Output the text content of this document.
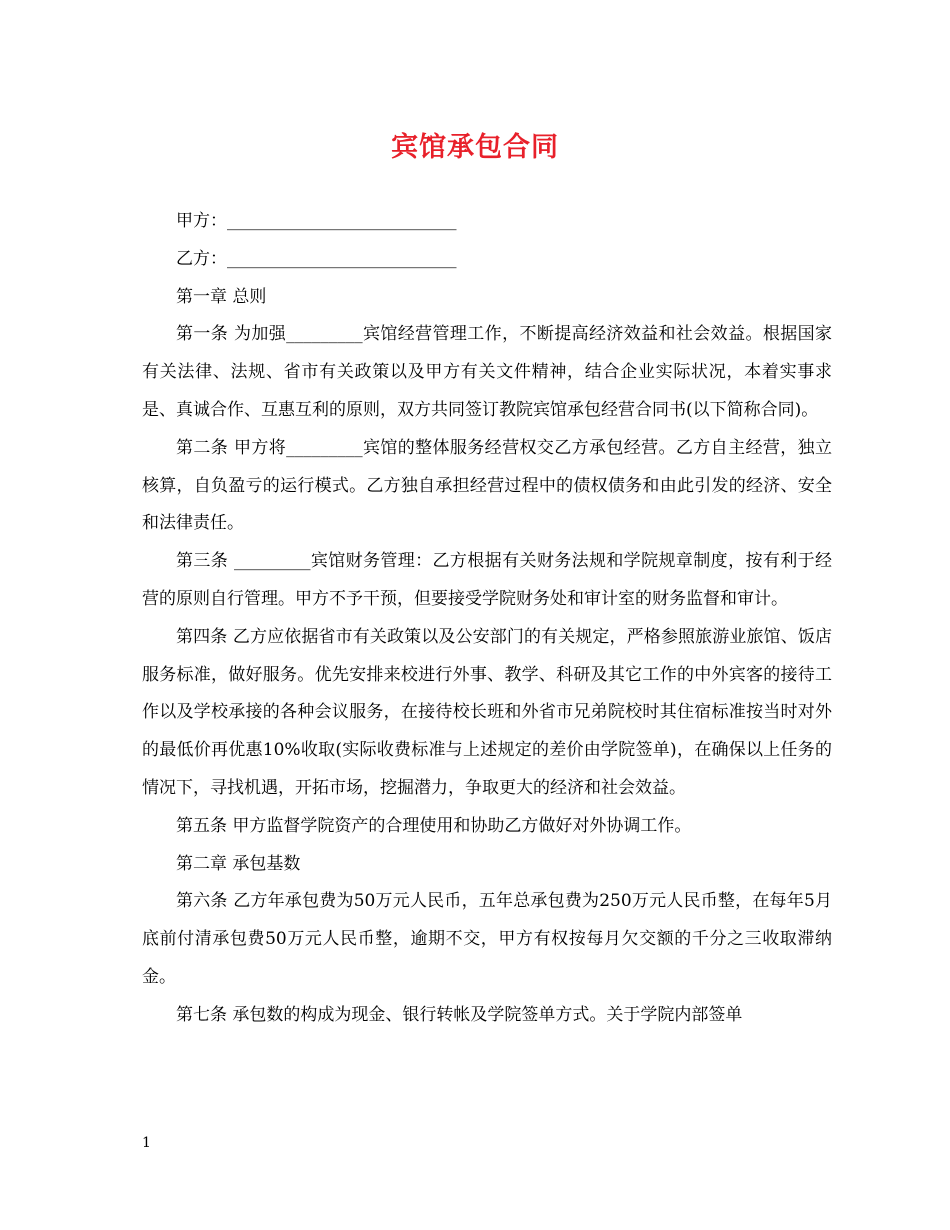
宾馆承包合同

甲方：___________________________

乙方：___________________________

第一章 总则

第一条 为加强_________宾馆经营管理工作，不断提高经济效益和社会效益。根据国家有关法律、法规、省市有关政策以及甲方有关文件精神，结合企业实际状况，本着实事求是、真诚合作、互惠互利的原则，双方共同签订教院宾馆承包经营合同书(以下简称合同)。

第二条 甲方将_________宾馆的整体服务经营权交乙方承包经营。乙方自主经营，独立核算，自负盈亏的运行模式。乙方独自承担经营过程中的债权债务和由此引发的经济、安全和法律责任。

第三条 _________宾馆财务管理：乙方根据有关财务法规和学院规章制度，按有利于经营的原则自行管理。甲方不予干预，但要接受学院财务处和审计室的财务监督和审计。

第四条 乙方应依据省市有关政策以及公安部门的有关规定，严格参照旅游业旅馆、饭店服务标准，做好服务。优先安排来校进行外事、教学、科研及其它工作的中外宾客的接待工作以及学校承接的各种会议服务，在接待校长班和外省市兄弟院校时其住宿标准按当时对外的最低价再优惠10%收取(实际收费标准与上述规定的差价由学院签单)，在确保以上任务的情况下，寻找机遇，开拓市场，挖掘潜力，争取更大的经济和社会效益。

第五条 甲方监督学院资产的合理使用和协助乙方做好对外协调工作。

第二章 承包基数

第六条 乙方年承包费为50万元人民币，五年总承包费为250万元人民币整，在每年5月底前付清承包费50万元人民币整，逾期不交，甲方有权按每月欠交额的千分之三收取滞纳金。

第七条 承包数的构成为现金、银行转帐及学院签单方式。关于学院内部签单

1
